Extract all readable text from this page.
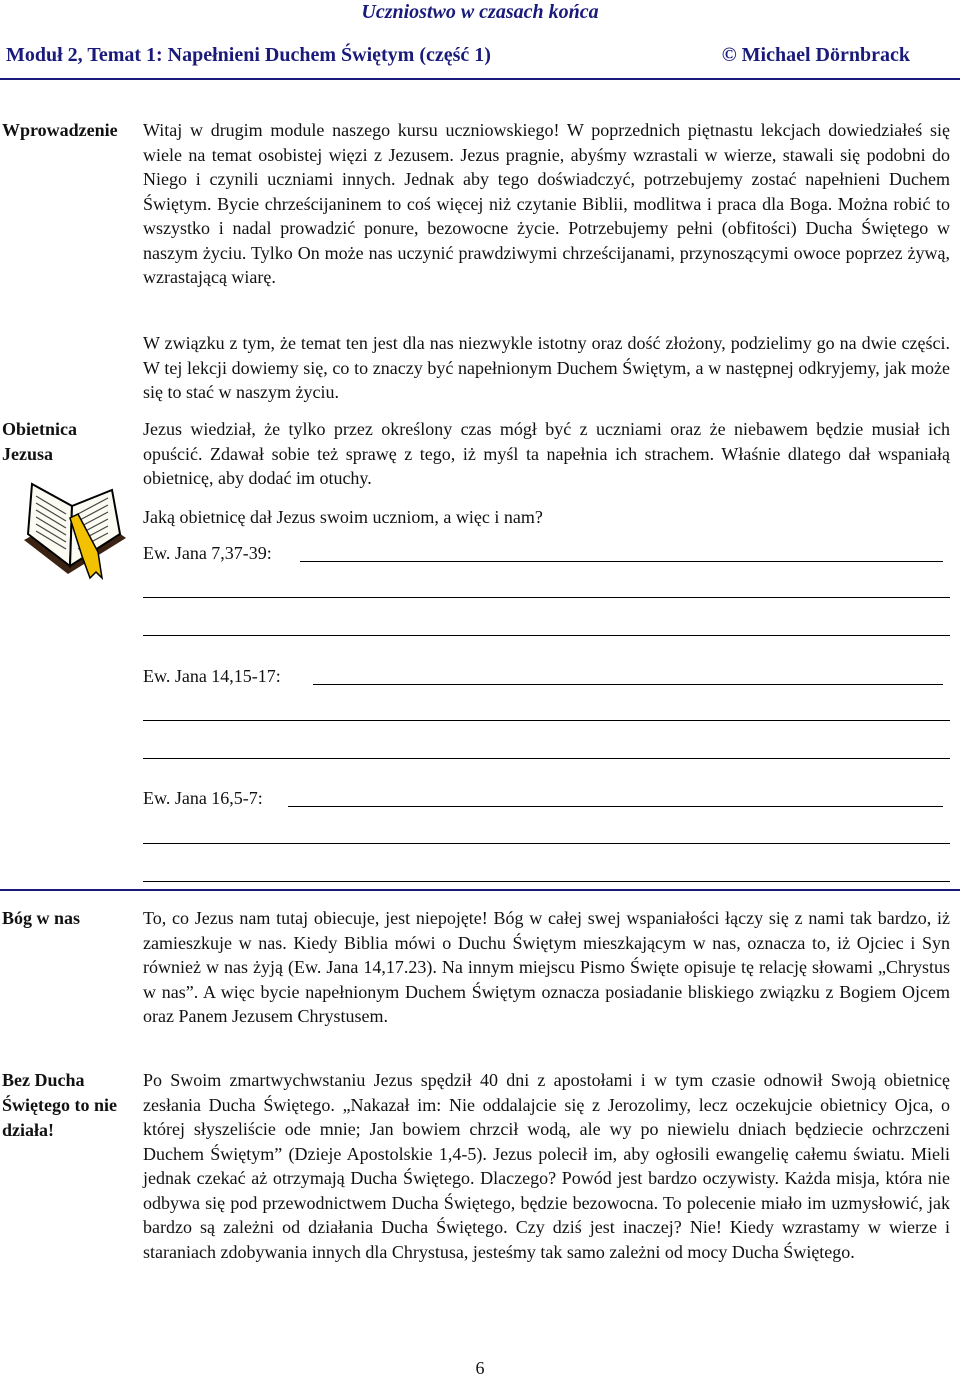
Uczniostwo w czasach końca
Moduł 2, Temat 1: Napełnieni Duchem Świętym (część 1)	© Michael Dörnbrack
Wprowadzenie	Witaj w drugim module naszego kursu uczniowskiego! W poprzednich piętnastu lekcjach dowiedziałeś się wiele na temat osobistej więzi z Jezusem. Jezus pragnie, abyśmy wzrastali w wierze, stawali się podobni do Niego i czynili uczniami innych. Jednak aby tego doświadczyć, potrzebujemy zostać napełnieni Duchem Świętym. Bycie chrześcijaninem to coś więcej niż czytanie Biblii, modlitwa i praca dla Boga. Można robić to wszystko i nadal prowadzić ponure, bezowocne życie. Potrzebujemy pełni (obfitości) Ducha Świętego w naszym życiu. Tylko On może nas uczynić prawdziwymi chrześcijanami, przynoszącymi owoce poprzez żywą, wzrastającą wiarę.
W związku z tym, że temat ten jest dla nas niezwykle istotny oraz dość złożony, podzielimy go na dwie części. W tej lekcji dowiemy się, co to znaczy być napełnionym Duchem Świętym, a w następnej odkryjemy, jak może się to stać w naszym życiu.
Obietnica Jezusa
Jezus wiedział, że tylko przez określony czas mógł być z uczniami oraz że niebawem będzie musiał ich opuścić. Zdawał sobie też sprawę z tego, iż myśl ta napełnia ich strachem. Właśnie dlatego dał wspaniałą obietnicę, aby dodać im otuchy.
Jaką obietnicę dał Jezus swoim uczniom, a więc i nam?
Ew. Jana 7,37-39:
Ew. Jana 14,15-17:
Ew. Jana 16,5-7:
Bóg w nas	To, co Jezus nam tutaj obiecuje, jest niepojęte! Bóg w całej swej wspaniałości łączy się z nami tak bardzo, iż zamieszkuje w nas. Kiedy Biblia mówi o Duchu Świętym mieszkającym w nas, oznacza to, iż Ojciec i Syn również w nas żyją (Ew. Jana 14,17.23). Na innym miejscu Pismo Święte opisuje tę relację słowami „Chrystus w nas”. A więc bycie napełnionym Duchem Świętym oznacza posiadanie bliskiego związku z Bogiem Ojcem oraz Panem Jezusem Chrystusem.
Bez Ducha Świętego to nie działa!
Po Swoim zmartwychwstaniu Jezus spędził 40 dni z apostołami i w tym czasie odnowił Swoją obietnicę zesłania Ducha Świętego. „Nakazał im: Nie oddalajcie się z Jerozolimy, lecz oczekujcie obietnicy Ojca, o której słyszeliście ode mnie; Jan bowiem chrzcił wodą, ale wy po niewielu dniach będziecie ochrzczeni Duchem Świętym” (Dzieje Apostolskie 1,4-5). Jezus polecił im, aby ogłosili ewangelię całemu światu. Mieli jednak czekać aż otrzymają Ducha Świętego. Dlaczego? Powód jest bardzo oczywisty. Każda misja, która nie odbywa się pod przewodnictwem Ducha Świętego, będzie bezowocna. To polecenie miało im uzmysłowić, jak bardzo są zależni od działania Ducha Świętego. Czy dziś jest inaczej? Nie! Kiedy wzrastamy w wierze i staraniach zdobywania innych dla Chrystusa, jesteśmy tak samo zależni od mocy Ducha Świętego.
6
